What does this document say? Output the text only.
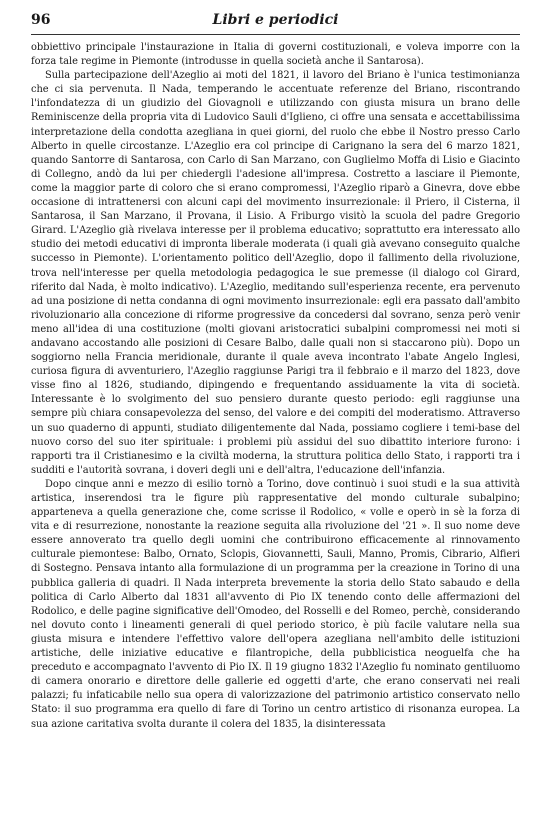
96	Libri e periodici

obbiettivo principale l'instaurazione in Italia di governi costituzionali, e voleva imporre con la forza tale regime in Piemonte (introdusse in quella società anche il Santarosa).

Sulla partecipazione dell'Azeglio ai moti del 1821, il lavoro del Briano è l'unica testimonianza che ci sia pervenuta. Il Nada, temperando le accentuate referenze del Briano, riscontrando l'infondatezza di un giudizio del Giovagnoli e utilizzando con giusta misura un brano delle Reminiscenze della propria vita di Ludovico Sauli d'Iglieno, ci offre una sensata e accettabilissima interpretazione della condotta azegliana in quei giorni, del ruolo che ebbe il Nostro presso Carlo Alberto in quelle circostanze. L'Azeglio era col principe di Carignano la sera del 6 marzo 1821, quando Santorre di Santarosa, con Carlo di San Marzano, con Guglielmo Moffa di Lisio e Giacinto di Collegno, andò da lui per chiedergli l'adesione all'impresa. Costretto a lasciare il Piemonte, come la maggior parte di coloro che si erano compromessi, l'Azeglio riparò a Ginevra, dove ebbe occasione di intrattenersi con alcuni capi del movimento insurrezionale: il Priero, il Cisterna, il Santarosa, il San Marzano, il Provana, il Lisio. A Friburgo visitò la scuola del padre Gregorio Girard. L'Azeglio già rivelava interesse per il problema educativo; soprattutto era interessato allo studio dei metodi educativi di impronta liberale moderata (i quali già avevano conseguito qualche successo in Piemonte). L'orientamento politico dell'Azeglio, dopo il fallimento della rivoluzione, trova nell'interesse per quella metodologia pedagogica le sue premesse (il dialogo col Girard, riferito dal Nada, è molto indicativo). L'Azeglio, meditando sull'esperienza recente, era pervenuto ad una posizione di netta condanna di ogni movimento insurrezionale: egli era passato dall'ambito rivoluzionario alla concezione di riforme progressive da concedersi dal sovrano, senza però venir meno all'idea di una costituzione (molti giovani aristocratici subalpini compromessi nei moti si andavano accostando alle posizioni di Cesare Balbo, dalle quali non si staccarono più). Dopo un soggiorno nella Francia meridionale, durante il quale aveva incontrato l'abate Angelo Inglesi, curiosa figura di avventuriero, l'Azeglio raggiunse Parigi tra il febbraio e il marzo del 1823, dove visse fino al 1826, studiando, dipingendo e frequentando assiduamente la vita di società. Interessante è lo svolgimento del suo pensiero durante questo periodo: egli raggiunse una sempre più chiara consapevolezza del senso, del valore e dei compiti del moderatismo. Attraverso un suo quaderno di appunti, studiato diligentemente dal Nada, possiamo cogliere i temi-base del nuovo corso del suo iter spirituale: i problemi più assidui del suo dibattito interiore furono: i rapporti tra il Cristianesimo e la civiltà moderna, la struttura politica dello Stato, i rapporti tra i sudditi e l'autorità sovrana, i doveri degli uni e dell'altra, l'educazione dell'infanzia.

Dopo cinque anni e mezzo di esilio tornò a Torino, dove continuò i suoi studi e la sua attività artistica, inserendosi tra le figure più rappresentative del mondo culturale subalpino; apparteneva a quella generazione che, come scrisse il Rodolico, « volle e operò in sè la forza di vita e di resurrezione, nonostante la reazione seguita alla rivoluzione del '21 ». Il suo nome deve essere annoverato tra quello degli uomini che contribuirono efficacemente al rinnovamento culturale piemontese: Balbo, Ornato, Sclopis, Giovannetti, Sauli, Manno, Promis, Cibrario, Alfieri di Sostegno. Pensava intanto alla formulazione di un programma per la creazione in Torino di una pubblica galleria di quadri. Il Nada interpreta brevemente la storia dello Stato sabaudo e della politica di Carlo Alberto dal 1831 all'avvento di Pio IX tenendo conto delle affermazioni del Rodolico, e delle pagine significative dell'Omodeo, del Rosselli e del Romeo, perchè, considerando nel dovuto conto i lineamenti generali di quel periodo storico, è più facile valutare nella sua giusta misura e intendere l'effettivo valore dell'opera azegliana nell'ambito delle istituzioni artistiche, delle iniziative educative e filantropiche, della pubblicistica neoguelfa che ha preceduto e accompagnato l'avvento di Pio IX. Il 19 giugno 1832 l'Azeglio fu nominato gentiluomo di camera onorario e direttore delle gallerie ed oggetti d'arte, che erano conservati nei reali palazzi; fu infaticabile nello sua opera di valorizzazione del patrimonio artistico conservato nello Stato: il suo programma era quello di fare di Torino un centro artistico di risonanza europea. La sua azione caritativa svolta durante il colera del 1835, la disinteressata
